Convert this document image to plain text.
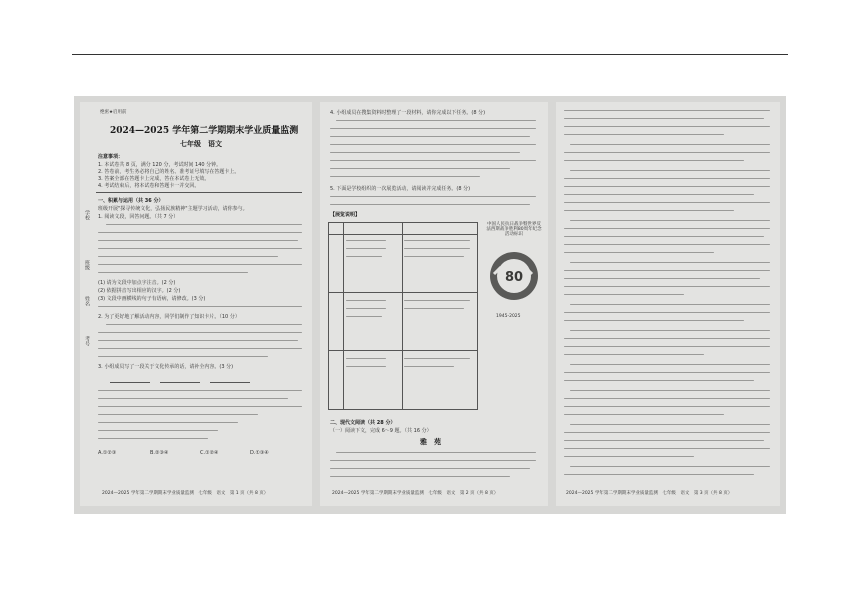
绝密★启用前
2024—2025 学年第二学期期末学业质量监测
七年级　语文
注意事项：
1. 本试卷共 8 页，满分 120 分，考试时间 140 分钟。
2. 答卷前，考生务必将自己的姓名、准考证号填写在答题卡上。
3. 答案全部在答题卡上完成，答在本试卷上无效。
4. 考试结束后，将本试卷和答题卡一并交回。
一、积累与运用（共 36 分）
班级开展"探寻传统文化，弘扬民族精神"主题学习活动，请你参与。
1. 阅读文段，回答问题。（共 7 分）
(1) 请为文段中加点字注音。(2 分)
(2) 依据拼音写出相应的汉字。(2 分)
(3) 文段中画横线的句子有语病，请修改。(3 分)
2. 为了更好地了解活动内容，同学们制作了知识卡片。（10 分）
3. 小组成员写了一段关于文化传承的话，请补全内容。(3 分)
A.①②③	B.②③④	C.①②④	D.①③④
2024—2025 学年第二学期期末学业质量监测　七年级　语文　第 1 页（共 8 页）
学校
班级
姓名
考号
4. 小组成员在搜集资料时整理了一段材料，请你完成以下任务。(8 分)
5. 下面是学校组织的一次展览活动，请阅读并完成任务。(8 分)
【展览说明】

中国人民抗日战争暨世界反法西斯战争胜利80周年纪念活动标识
80
1945-2025
二、现代文阅读（共 28 分）
（一）阅读下文，完成 6～9 题。（共 16 分）
雅　苑
2024—2025 学年第二学期期末学业质量监测　七年级　语文　第 2 页（共 8 页）	2024—2025 学年第二学期期末学业质量监测　七年级　语文　第 3 页（共 8 页）
